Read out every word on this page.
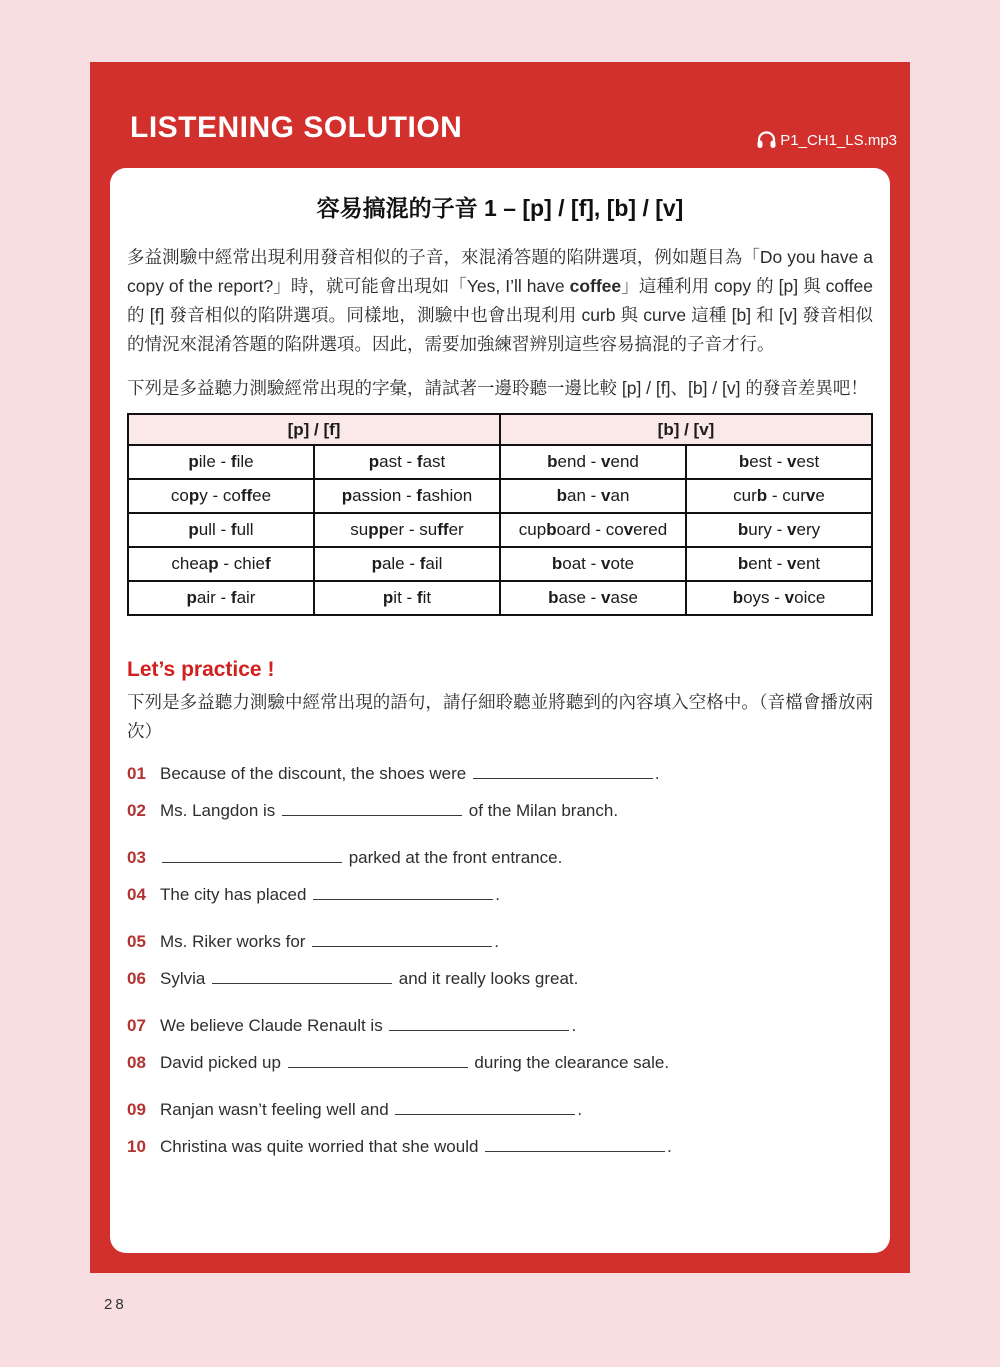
LISTENING SOLUTION	P1_CH1_LS.mp3
容易搞混的子音 1 – [p] / [f], [b] / [v]

多益測驗中經常出現利用發音相似的子音，來混淆答題的陷阱選項，例如題目為「Do you have a copy of the report?」時，就可能會出現如「Yes, I’ll have coffee」這種利用 copy 的 [p] 與 coffee 的 [f] 發音相似的陷阱選項。同樣地，測驗中也會出現利用 curb 與 curve 這種 [b] 和 [v] 發音相似的情況來混淆答題的陷阱選項。因此，需要加強練習辨別這些容易搞混的子音才行。

下列是多益聽力測驗經常出現的字彙，請試著一邊聆聽一邊比較 [p] / [f]、[b] / [v] 的發音差異吧！

[p] / [f]		[b] / [v]	
pile - file	past - fast	bend - vend	best - vest
copy - coffee	passion - fashion	ban - van	curb - curve
pull - full	supper - suffer	cupboard - covered	bury - very
cheap - chief	pale - fail	boat - vote	bent - vent
pair - fair	pit - fit	base - vase	boys - voice
Let’s practice !

下列是多益聽力測驗中經常出現的語句，請仔細聆聽並將聽到的內容填入空格中。（音檔會播放兩次）

01 Because of the discount, the shoes were	.
02 Ms. Langdon is	of the Milan branch.
03	parked at the front entrance.
04 The city has placed	.
05 Ms. Riker works for	.
06 Sylvia	and it really looks great.
07 We believe Claude Renault is	.
08 David picked up	during the clearance sale.
09 Ranjan wasn’t feeling well and	.
10 Christina was quite worried that she would	.
28
